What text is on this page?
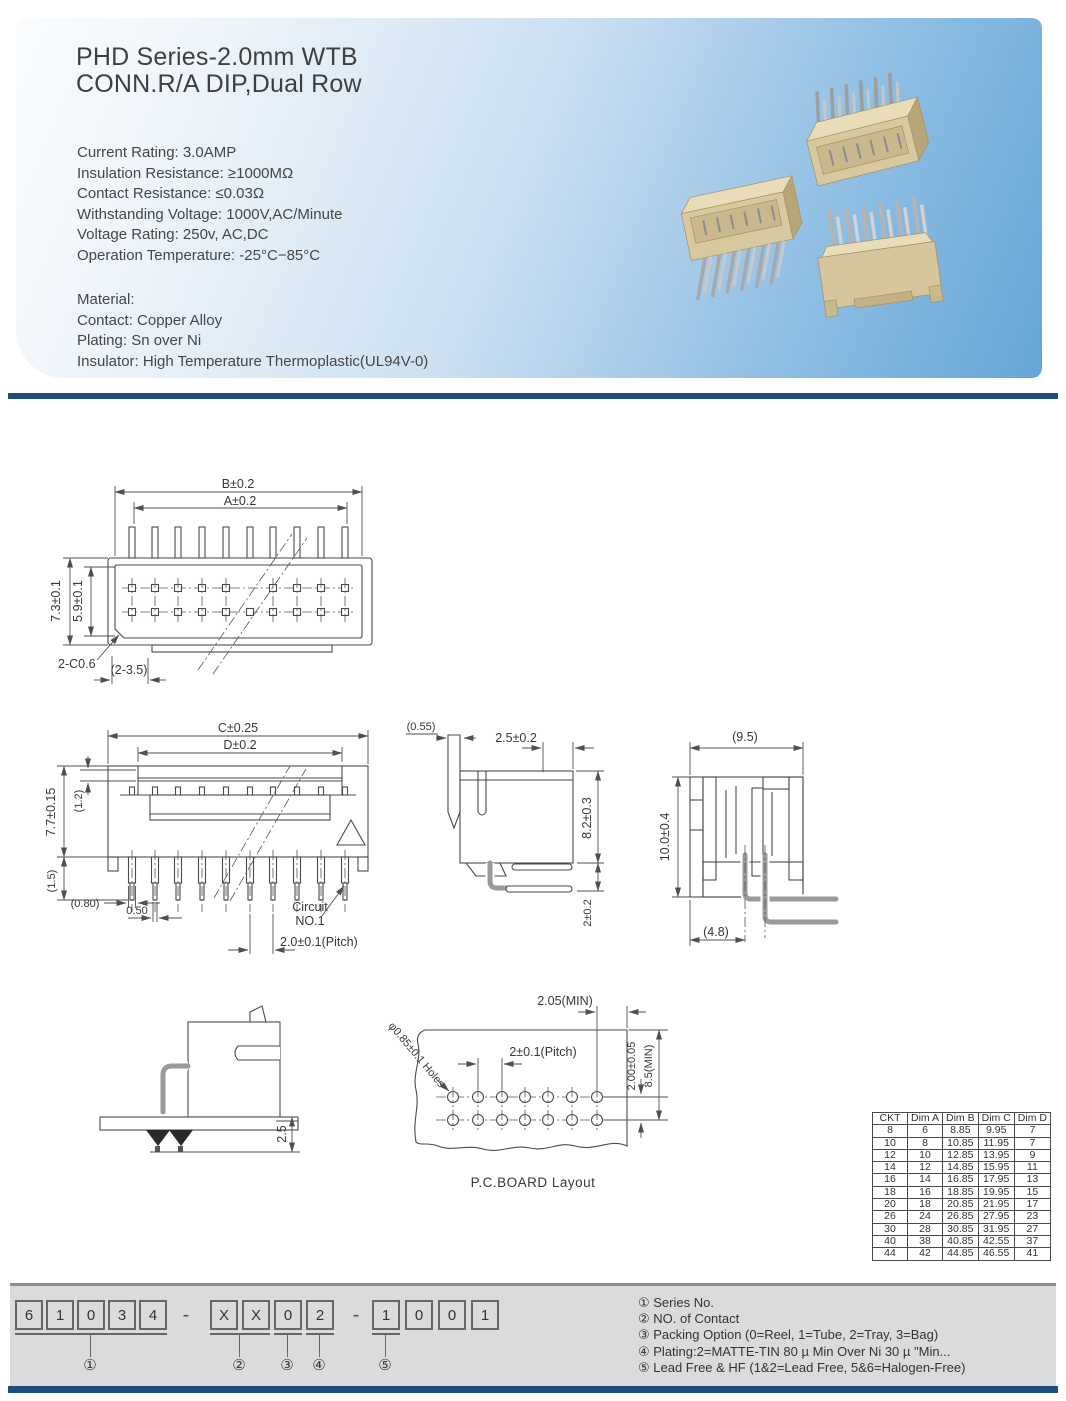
PHD Series-2.0mm WTB
CONN.R/A DIP,Dual Row
Current Rating: 3.0AMP
Insulation Resistance: ≥1000MΩ
Contact Resistance: ≤0.03Ω
Withstanding Voltage: 1000V,AC/Minute
Voltage Rating: 250v, AC,DC
Operation Temperature: -25°C−85°C
Material:
Contact: Copper Alloy
Plating: Sn over Ni
Insulator: High Temperature Thermoplastic(UL94V-0)
B±0.2
A±0.2
7.3±0.1 5.9±0.1
2-C0.6 (2-3.5)
C±0.25
D±0.2
7.7±0.15 (1.2)
(1.5)
(0.80)
0.50	Circuit
NO.1
2.0±0.1(Pitch)
(0.55)
2.5±0.2
8.2±0.3
2±0.2
(9.5)
10.0±0.4
(4.8)
2.5
2.05(MIN)
2±0.1(Pitch)	2.00±0.05 8.5(MIN)
φ0.85±0.1 Holes
P.C.BOARD Layout
CKT	Dim A	Dim B	Dim C	Dim D
8	6	8.85	9.95	7
10	8	10.85	11.95	7
12	10	12.85	13.95	9
14	12	14.85	15.95	11
16	14	16.85	17.95	13
18	16	18.85	19.95	15
20	18	20.85	21.95	17
26	24	26.85	27.95	23
30	28	30.85	31.95	27
40	38	40.85	42.55	37
44	42	44.85	46.55	41
6	1	0	3	4	-	X	X	0	2	-	1	0	0	1
①	② ③ ④	⑤
① Series No.
② NO. of Contact
③ Packing Option (0=Reel, 1=Tube, 2=Tray, 3=Bag)
④ Plating:2=MATTE-TIN 80 µ Min Over Ni 30 µ "Min...
⑤ Lead Free & HF (1&2=Lead Free, 5&6=Halogen-Free)
